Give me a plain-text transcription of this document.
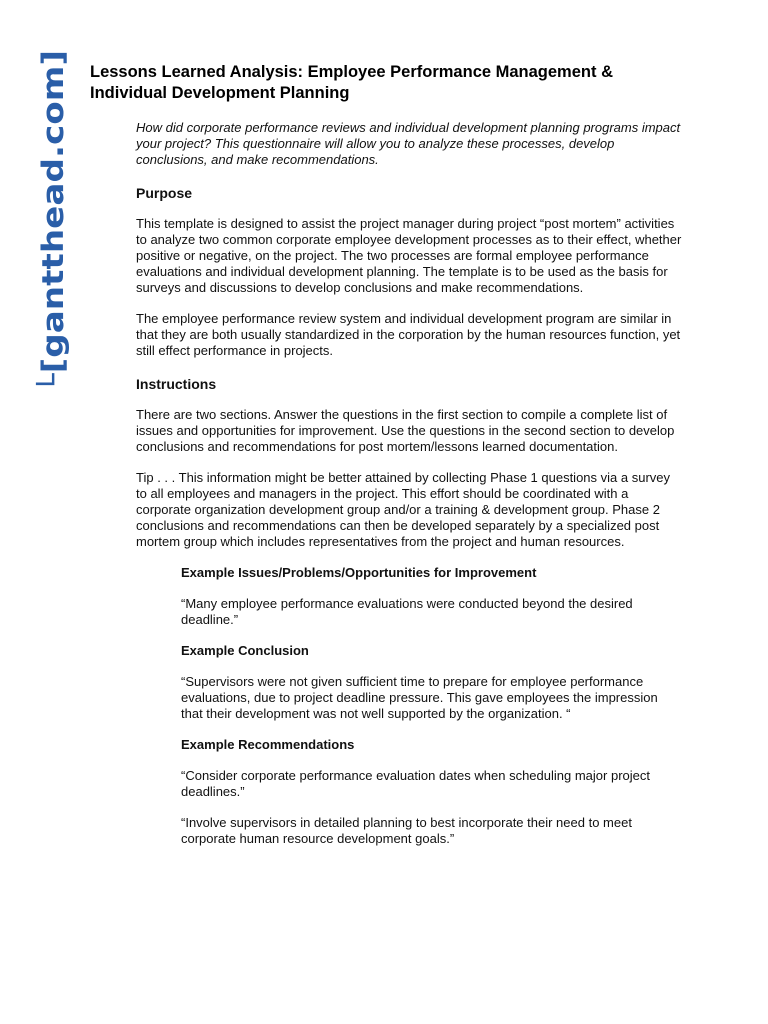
└[gantthead.com]
Lessons Learned Analysis: Employee Performance Management & Individual Development Planning

How did corporate performance reviews and individual development planning programs impact your project? This questionnaire will allow you to analyze these processes, develop conclusions, and make recommendations.

Purpose

This template is designed to assist the project manager during project “post mortem” activities to analyze two common corporate employee development processes as to their effect, whether positive or negative, on the project. The two processes are formal employee performance evaluations and individual development planning. The template is to be used as the basis for surveys and discussions to develop conclusions and make recommendations.

The employee performance review system and individual development program are similar in that they are both usually standardized in the corporation by the human resources function, yet still effect performance in projects.

Instructions

There are two sections. Answer the questions in the first section to compile a complete list of issues and opportunities for improvement. Use the questions in the second section to develop conclusions and recommendations for post mortem/lessons learned documentation.

Tip . . . This information might be better attained by collecting Phase 1 questions via a survey to all employees and managers in the project. This effort should be coordinated with a corporate organization development group and/or a training & development group. Phase 2 conclusions and recommendations can then be developed separately by a specialized post mortem group which includes representatives from the project and human resources.

Example Issues/Problems/Opportunities for Improvement

“Many employee performance evaluations were conducted beyond the desired deadline.”

Example Conclusion

“Supervisors were not given sufficient time to prepare for employee performance evaluations, due to project deadline pressure. This gave employees the impression that their development was not well supported by the organization. “

Example Recommendations

“Consider corporate performance evaluation dates when scheduling major project deadlines.”

“Involve supervisors in detailed planning to best incorporate their need to meet corporate human resource development goals.”
